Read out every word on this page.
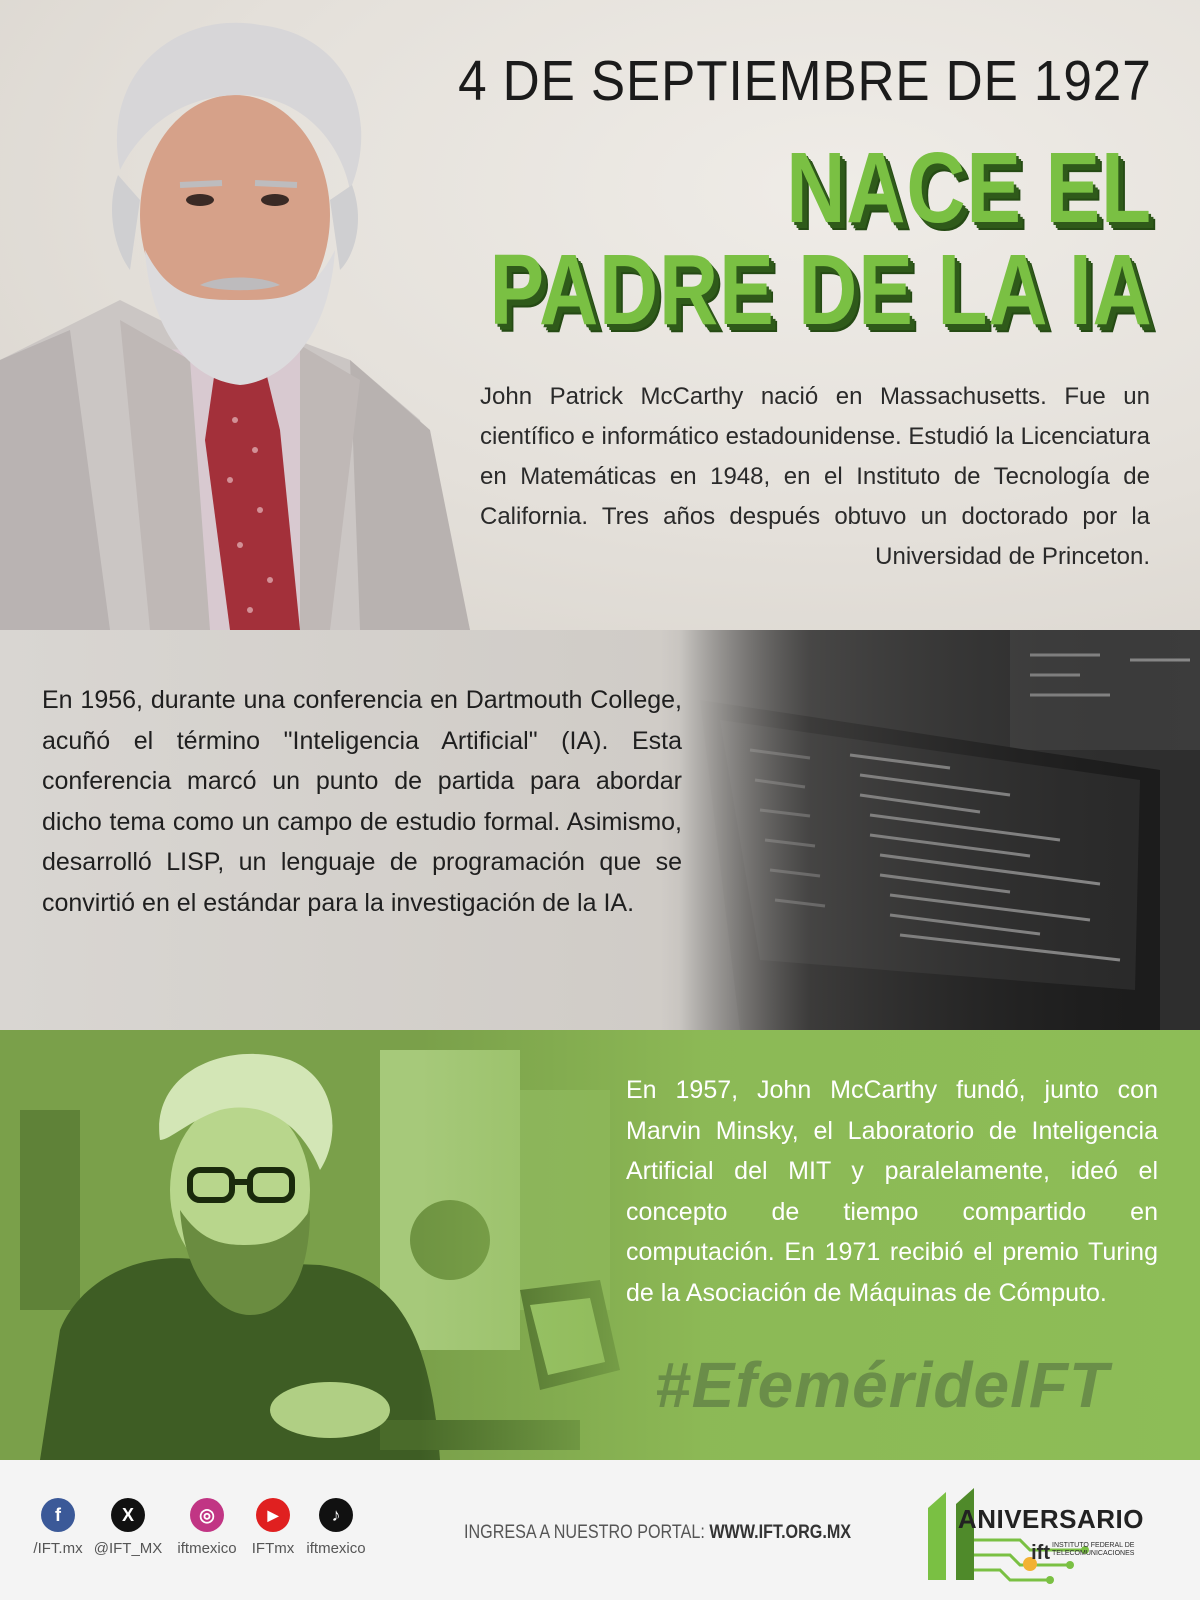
4 DE SEPTIEMBRE DE 1927
NACE EL
PADRE DE LA IA
John Patrick McCarthy nació en Massachusetts. Fue un científico e informático estadounidense. Estudió la Licenciatura en Matemáticas en 1948, en el Instituto de Tecnología de California. Tres años después obtuvo un doctorado por la Universidad de Princeton.
En 1956, durante una conferencia en Dartmouth College, acuñó el término "Inteligencia Artificial" (IA). Esta conferencia marcó un punto de partida para abordar dicho tema como un campo de estudio formal. Asimismo, desarrolló LISP, un lenguaje de programación que se convirtió en el estándar para la investigación de la IA.
En 1957, John McCarthy fundó, junto con Marvin Minsky, el Laboratorio de Inteligencia Artificial del MIT y paralelamente, ideó el concepto de tiempo compartido en computación. En 1971 recibió el premio Turing de la Asociación de Máquinas de Cómputo.
#EfeméridelFT
f
/IFT.mx
X
@IFT_MX
◎
iftmexico
▶
IFTmx
♪
iftmexico
INGRESA A NUESTRO PORTAL: WWW.IFT.ORG.MX	ANIVERSARIO
ift INSTITUTO FEDERAL DE TELECOMUNICACIONES
